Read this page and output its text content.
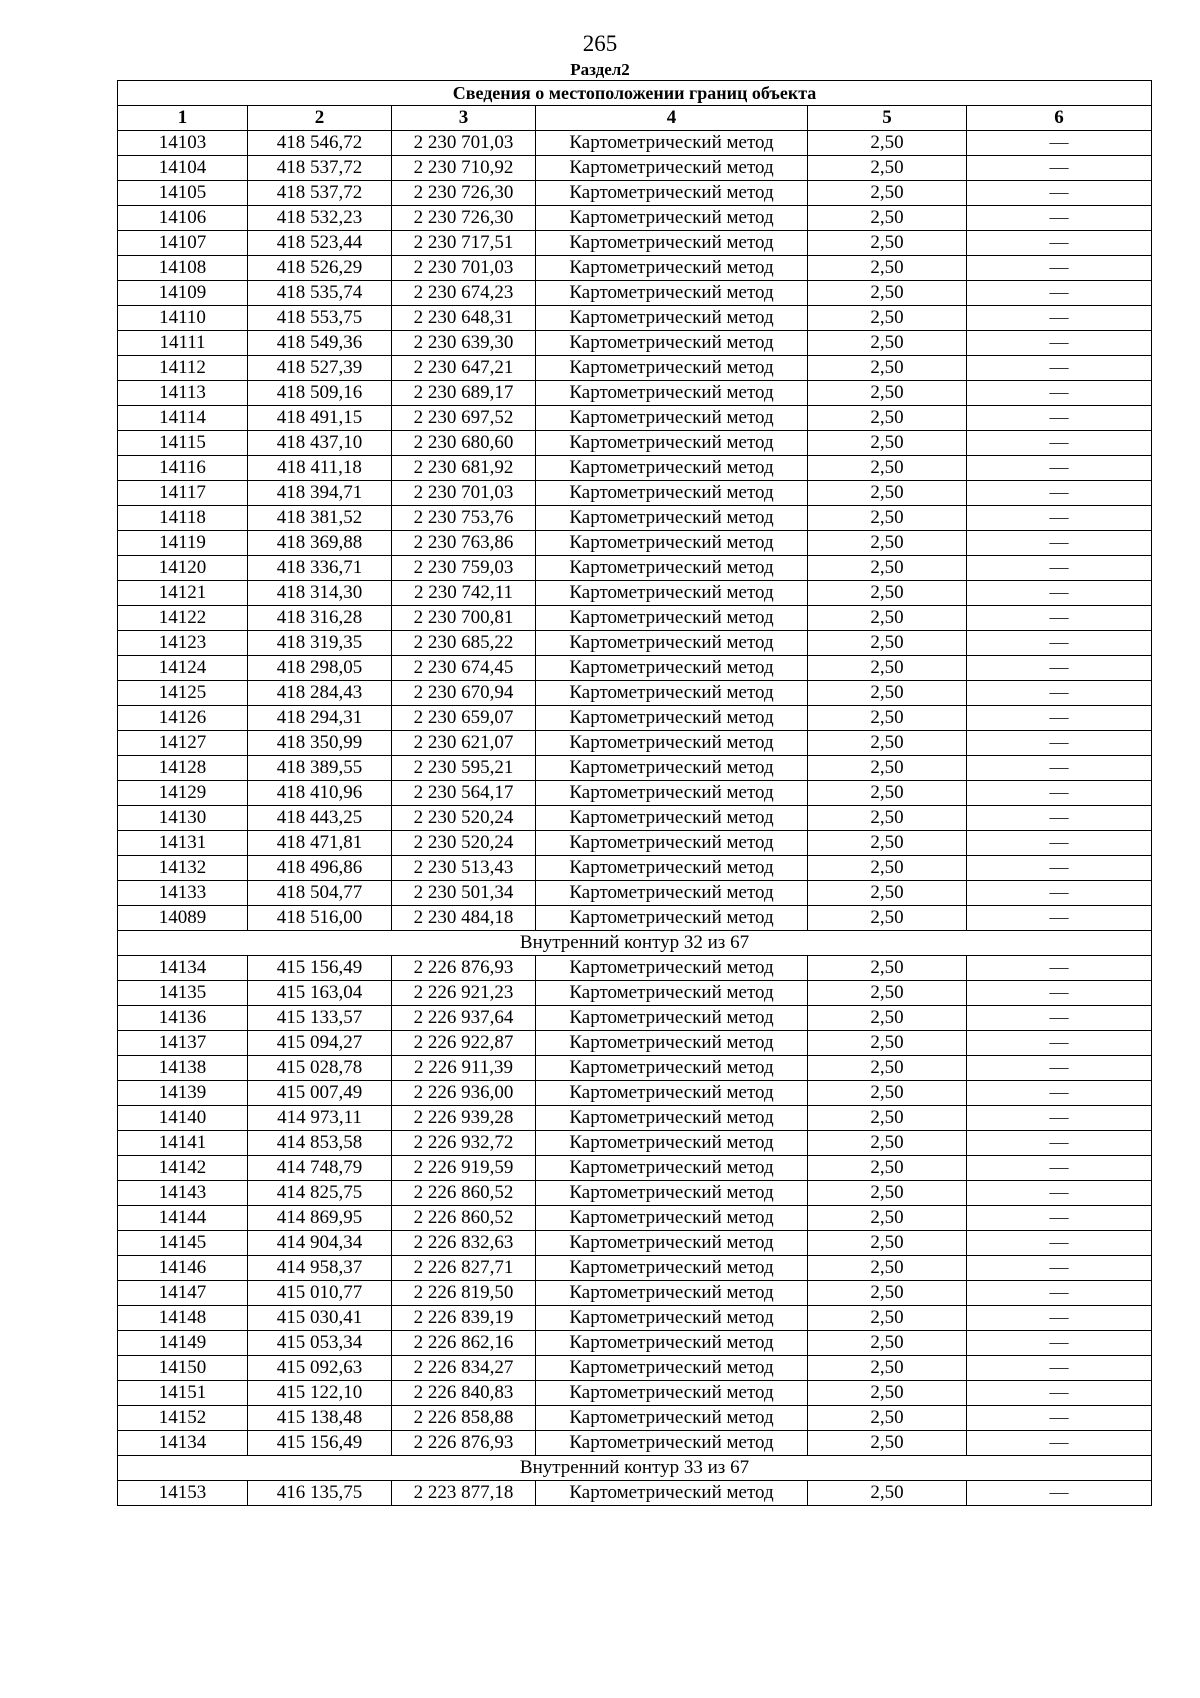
265
Раздел2
Сведения о местоположении границ объекта					
1	2	3	4	5	6
14103	418 546,72	2 230 701,03	Картометрический метод	2,50	—
14104	418 537,72	2 230 710,92	Картометрический метод	2,50	—
14105	418 537,72	2 230 726,30	Картометрический метод	2,50	—
14106	418 532,23	2 230 726,30	Картометрический метод	2,50	—
14107	418 523,44	2 230 717,51	Картометрический метод	2,50	—
14108	418 526,29	2 230 701,03	Картометрический метод	2,50	—
14109	418 535,74	2 230 674,23	Картометрический метод	2,50	—
14110	418 553,75	2 230 648,31	Картометрический метод	2,50	—
14111	418 549,36	2 230 639,30	Картометрический метод	2,50	—
14112	418 527,39	2 230 647,21	Картометрический метод	2,50	—
14113	418 509,16	2 230 689,17	Картометрический метод	2,50	—
14114	418 491,15	2 230 697,52	Картометрический метод	2,50	—
14115	418 437,10	2 230 680,60	Картометрический метод	2,50	—
14116	418 411,18	2 230 681,92	Картометрический метод	2,50	—
14117	418 394,71	2 230 701,03	Картометрический метод	2,50	—
14118	418 381,52	2 230 753,76	Картометрический метод	2,50	—
14119	418 369,88	2 230 763,86	Картометрический метод	2,50	—
14120	418 336,71	2 230 759,03	Картометрический метод	2,50	—
14121	418 314,30	2 230 742,11	Картометрический метод	2,50	—
14122	418 316,28	2 230 700,81	Картометрический метод	2,50	—
14123	418 319,35	2 230 685,22	Картометрический метод	2,50	—
14124	418 298,05	2 230 674,45	Картометрический метод	2,50	—
14125	418 284,43	2 230 670,94	Картометрический метод	2,50	—
14126	418 294,31	2 230 659,07	Картометрический метод	2,50	—
14127	418 350,99	2 230 621,07	Картометрический метод	2,50	—
14128	418 389,55	2 230 595,21	Картометрический метод	2,50	—
14129	418 410,96	2 230 564,17	Картометрический метод	2,50	—
14130	418 443,25	2 230 520,24	Картометрический метод	2,50	—
14131	418 471,81	2 230 520,24	Картометрический метод	2,50	—
14132	418 496,86	2 230 513,43	Картометрический метод	2,50	—
14133	418 504,77	2 230 501,34	Картометрический метод	2,50	—
14089	418 516,00	2 230 484,18	Картометрический метод	2,50	—
Внутренний контур 32 из 67					
14134	415 156,49	2 226 876,93	Картометрический метод	2,50	—
14135	415 163,04	2 226 921,23	Картометрический метод	2,50	—
14136	415 133,57	2 226 937,64	Картометрический метод	2,50	—
14137	415 094,27	2 226 922,87	Картометрический метод	2,50	—
14138	415 028,78	2 226 911,39	Картометрический метод	2,50	—
14139	415 007,49	2 226 936,00	Картометрический метод	2,50	—
14140	414 973,11	2 226 939,28	Картометрический метод	2,50	—
14141	414 853,58	2 226 932,72	Картометрический метод	2,50	—
14142	414 748,79	2 226 919,59	Картометрический метод	2,50	—
14143	414 825,75	2 226 860,52	Картометрический метод	2,50	—
14144	414 869,95	2 226 860,52	Картометрический метод	2,50	—
14145	414 904,34	2 226 832,63	Картометрический метод	2,50	—
14146	414 958,37	2 226 827,71	Картометрический метод	2,50	—
14147	415 010,77	2 226 819,50	Картометрический метод	2,50	—
14148	415 030,41	2 226 839,19	Картометрический метод	2,50	—
14149	415 053,34	2 226 862,16	Картометрический метод	2,50	—
14150	415 092,63	2 226 834,27	Картометрический метод	2,50	—
14151	415 122,10	2 226 840,83	Картометрический метод	2,50	—
14152	415 138,48	2 226 858,88	Картометрический метод	2,50	—
14134	415 156,49	2 226 876,93	Картометрический метод	2,50	—
Внутренний контур 33 из 67					
14153	416 135,75	2 223 877,18	Картометрический метод	2,50	—
